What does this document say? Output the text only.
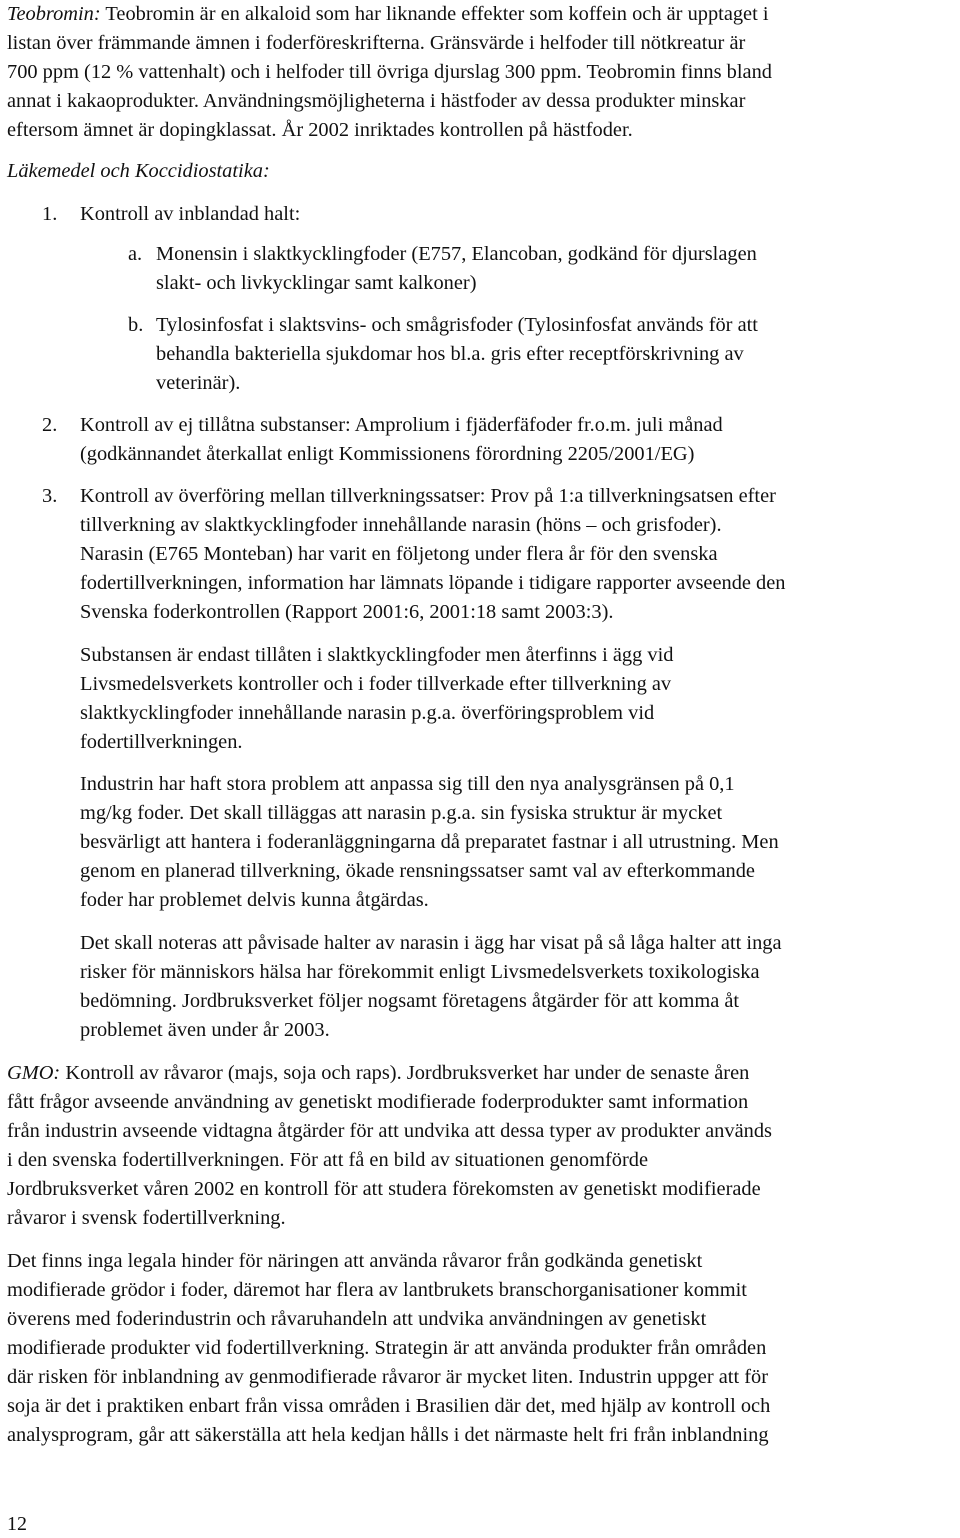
Teobromin: Teobromin är en alkaloid som har liknande effekter som koffein och är upptaget i

listan över främmande ämnen i foderföreskrifterna. Gränsvärde i helfoder till nötkreatur är

700 ppm (12 % vattenhalt) och i helfoder till övriga djurslag 300 ppm. Teobromin finns bland

annat i kakaoprodukter. Användningsmöjligheterna i hästfoder av dessa produkter minskar

eftersom ämnet är dopingklassat. År 2002 inriktades kontrollen på hästfoder.

Läkemedel och Koccidiostatika:

1. Kontroll av inblandad halt:

a. Monensin i slaktkycklingfoder (E757, Elancoban, godkänd för djurslagen

slakt- och livkycklingar samt kalkoner)

b. Tylosinfosfat i slaktsvins- och smågrisfoder (Tylosinfosfat används för att

behandla bakteriella sjukdomar hos bl.a. gris efter receptförskrivning av

veterinär).

2. Kontroll av ej tillåtna substanser: Amprolium i fjäderfäfoder fr.o.m. juli månad

(godkännandet återkallat enligt Kommissionens förordning 2205/2001/EG)

3. Kontroll av överföring mellan tillverkningssatser: Prov på 1:a tillverkningsatsen efter

tillverkning av slaktkycklingfoder innehållande narasin (höns – och grisfoder).

Narasin (E765 Monteban) har varit en följetong under flera år för den svenska

fodertillverkningen, information har lämnats löpande i tidigare rapporter avseende den

Svenska foderkontrollen (Rapport 2001:6, 2001:18 samt 2003:3).

Substansen är endast tillåten i slaktkycklingfoder men återfinns i ägg vid

Livsmedelsverkets kontroller och i foder tillverkade efter tillverkning av

slaktkycklingfoder innehållande narasin p.g.a. överföringsproblem vid

fodertillverkningen.

Industrin har haft stora problem att anpassa sig till den nya analysgränsen på 0,1

mg/kg foder. Det skall tilläggas att narasin p.g.a. sin fysiska struktur är mycket

besvärligt att hantera i foderanläggningarna då preparatet fastnar i all utrustning. Men

genom en planerad tillverkning, ökade rensningssatser samt val av efterkommande

foder har problemet delvis kunna åtgärdas.

Det skall noteras att påvisade halter av narasin i ägg har visat på så låga halter att inga

risker för människors hälsa har förekommit enligt Livsmedelsverkets toxikologiska

bedömning. Jordbruksverket följer nogsamt företagens åtgärder för att komma åt

problemet även under år 2003.

GMO: Kontroll av råvaror (majs, soja och raps). Jordbruksverket har under de senaste åren

fått frågor avseende användning av genetiskt modifierade foderprodukter samt information

från industrin avseende vidtagna åtgärder för att undvika att dessa typer av produkter används

i den svenska fodertillverkningen. För att få en bild av situationen genomförde

Jordbruksverket våren 2002 en kontroll för att studera förekomsten av genetiskt modifierade

råvaror i svensk fodertillverkning.

Det finns inga legala hinder för näringen att använda råvaror från godkända genetiskt

modifierade grödor i foder, däremot har flera av lantbrukets branschorganisationer kommit

överens med foderindustrin och råvaruhandeln att undvika användningen av genetiskt

modifierade produkter vid fodertillverkning. Strategin är att använda produkter från områden

där risken för inblandning av genmodifierade råvaror är mycket liten. Industrin uppger att för

soja är det i praktiken enbart från vissa områden i Brasilien där det, med hjälp av kontroll och

analysprogram, går att säkerställa att hela kedjan hålls i det närmaste helt fri från inblandning

12
